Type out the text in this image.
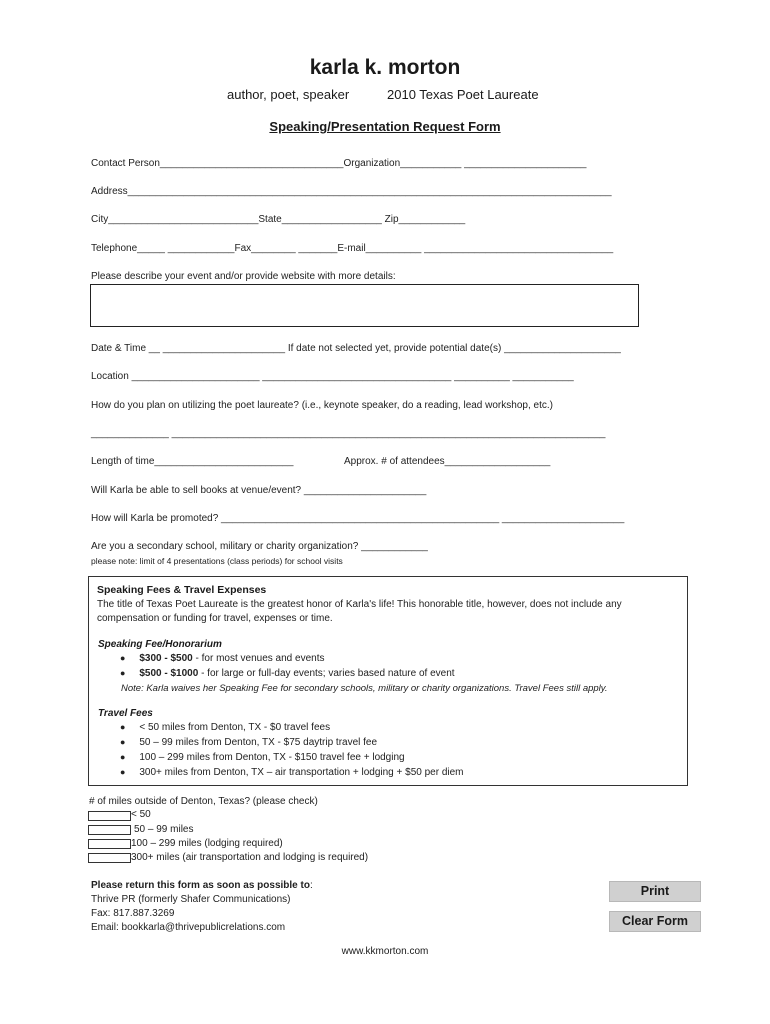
karla k. morton
author, poet, speaker	2010 Texas Poet Laureate
Speaking/Presentation Request Form
Contact Person_________________________________Organization___________ ______________________
Address_______________________________________________________________________________________
City___________________________State__________________ Zip____________
Telephone_____ ____________Fax________ _______E-mail__________ __________________________________
Please describe your event and/or provide website with more details:
Date & Time __ ______________________ If date not selected yet, provide potential date(s) _____________________
Location _______________________ __________________________________ __________ ___________
How do you plan on utilizing the poet laureate? (i.e., keynote speaker, do a reading, lead workshop, etc.)
______________ ______________________________________________________________________________
Length of time_________________________	Approx. # of attendees___________________
Will Karla be able to sell books at venue/event? ______________________
How will Karla be promoted? __________________________________________________ ______________________
Are you a secondary school, military or charity organization? ____________
please note: limit of 4 presentations (class periods) for school visits
Speaking Fees & Travel Expenses
The title of Texas Poet Laureate is the greatest honor of Karla's life! This honorable title, however, does not include any
compensation or funding for travel, expenses or time.
Speaking Fee/Honorarium
● $300 - $500 - for most venues and events
● $500 - $1000 - for large or full-day events; varies based nature of event
Note: Karla waives her Speaking Fee for secondary schools, military or charity organizations. Travel Fees still apply.
Travel Fees
● < 50 miles from Denton, TX - $0 travel fees
● 50 – 99 miles from Denton, TX - $75 daytrip travel fee
● 100 – 299 miles from Denton, TX - $150 travel fee + lodging
● 300+ miles from Denton, TX – air transportation + lodging + $50 per diem
# of miles outside of Denton, Texas? (please check)
< 50
50 – 99 miles
100 – 299 miles (lodging required)
300+ miles (air transportation and lodging is required)
Please return this form as soon as possible to:
Thrive PR (formerly Shafer Communications)
Fax: 817.887.3269
Email: bookkarla@thrivepublicrelations.com
Print
Clear Form
www.kkmorton.com
